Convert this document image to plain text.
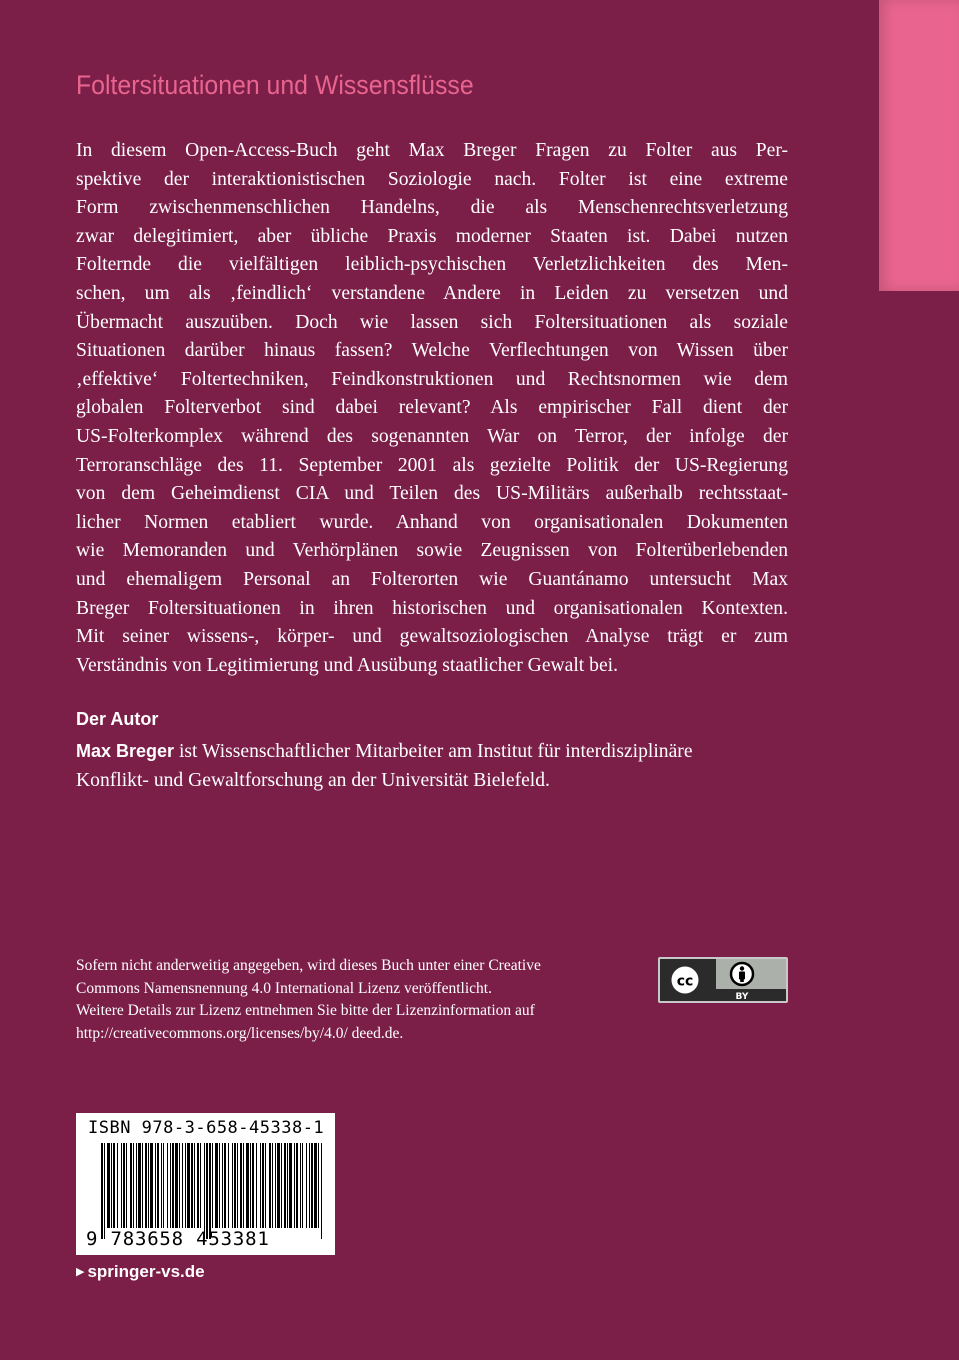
Foltersituationen und Wissensflüsse
In diesem Open-Access-Buch geht Max Breger Fragen zu Folter aus Per-
spektive der interaktionistischen Soziologie nach. Folter ist eine extreme
Form zwischenmenschlichen Handelns, die als Menschenrechtsverletzung
zwar delegitimiert, aber übliche Praxis moderner Staaten ist. Dabei nutzen
Folternde die vielfältigen leiblich-psychischen Verletzlichkeiten des Men-
schen, um als ‚feindlich‘ verstandene Andere in Leiden zu versetzen und
Übermacht auszuüben. Doch wie lassen sich Foltersituationen als soziale
Situationen darüber hinaus fassen? Welche Verflechtungen von Wissen über
‚effektive‘ Foltertechniken, Feindkonstruktionen und Rechtsnormen wie dem
globalen Folterverbot sind dabei relevant? Als empirischer Fall dient der
US-Folterkomplex während des sogenannten War on Terror, der infolge der
Terroranschläge des 11. September 2001 als gezielte Politik der US-Regierung
von dem Geheimdienst CIA und Teilen des US-Militärs außerhalb rechtsstaat-
licher Normen etabliert wurde. Anhand von organisationalen Dokumenten
wie Memoranden und Verhörplänen sowie Zeugnissen von Folterüberlebenden
und ehemaligem Personal an Folterorten wie Guantánamo untersucht Max
Breger Foltersituationen in ihren historischen und organisationalen Kontexten.
Mit seiner wissens-, körper- und gewaltsoziologischen Analyse trägt er zum
Verständnis von Legitimierung und Ausübung staatlicher Gewalt bei.
Der Autor
Max Breger ist Wissenschaftlicher Mitarbeiter am Institut für interdisziplinäre
Konflikt- und Gewaltforschung an der Universität Bielefeld.
Sofern nicht anderweitig angegeben, wird dieses Buch unter einer Creative
Commons Namensnennung 4.0 International Lizenz veröffentlicht.
Weitere Details zur Lizenz entnehmen Sie bitte der Lizenzinformation auf
http://creativecommons.org/licenses/by/4.0/ deed.de.
cc
BY
ISBN 978-3-658-45338-1
9 783658 453381
▶ springer-vs.de
